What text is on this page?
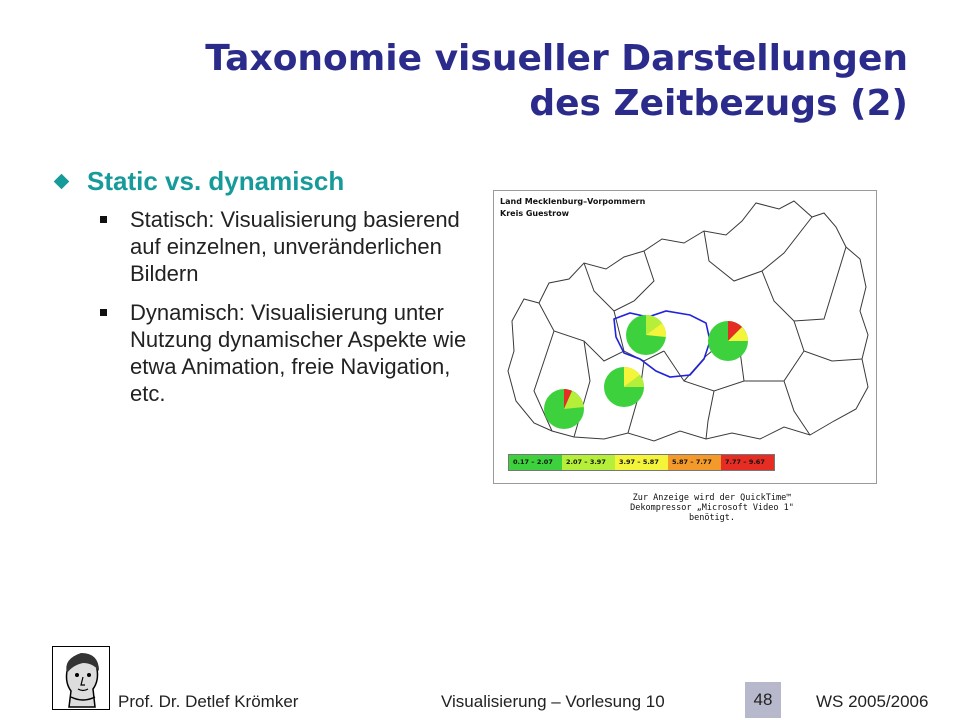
Taxonomie visueller Darstellungen
des Zeitbezugs (2)
Static vs. dynamisch
Statisch: Visualisierung basierend auf einzelnen, unveränderlichen Bildern
Dynamisch: Visualisierung unter Nutzung dynamischer Aspekte wie etwa Animation, freie Navigation, etc.
Land Mecklenburg–Vorpommern
Kreis Guestrow
0.17 – 2.07	2.07 – 3.97	3.97 – 5.87	5.87 – 7.77	7.77 – 9.67
Zur Anzeige wird der QuickTime™
Dekompressor „Microsoft Video 1"
benötigt.
Prof. Dr. Detlef Krömker	Visualisierung – Vorlesung 10	48	WS 2005/2006
